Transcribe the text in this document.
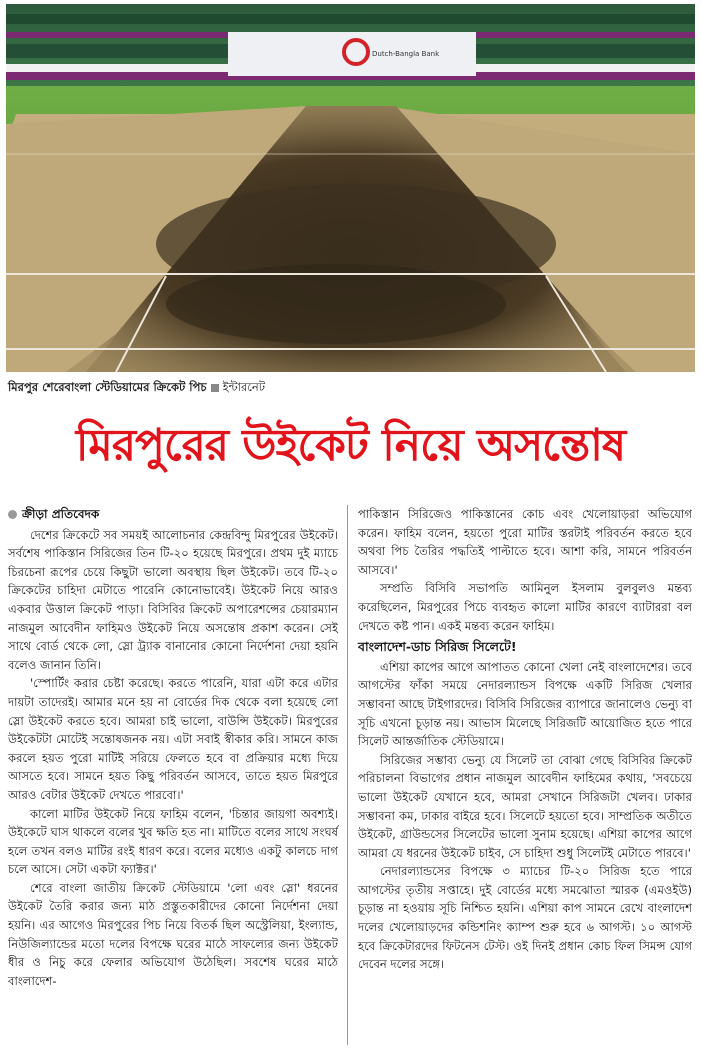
Dutch-Bangla Bank
মিরপুর শেরেবাংলা স্টেডিয়ামের ক্রিকেট পিচ ইন্টারনেট
মিরপুরের উইকেট নিয়ে অসন্তোষ
ক্রীড়া প্রতিবেদক

দেশের ক্রিকেটে সব সময়ই আলোচনার কেন্দ্রবিন্দু মিরপুরের উইকেট। সর্বশেষ পাকিস্তান সিরিজের তিন টি-২০ হয়েছে মিরপুরে। প্রথম দুই ম্যাচে চিরচেনা রূপের চেয়ে কিছুটা ভালো অবস্থায় ছিল উইকেট। তবে টি-২০ ক্রিকেটের চাহিদা মেটাতে পারেনি কোনোভাবেই। উইকেট নিয়ে আরও একবার উত্তাল ক্রিকেট পাড়া। বিসিবির ক্রিকেট অপারেশন্সের চেয়ারম্যান নাজমুল আবেদীন ফাহিমও উইকেট নিয়ে অসন্তোষ প্রকাশ করেন। সেই সাথে বোর্ড থেকে লো, স্লো ট্র্যাক বানানোর কোনো নির্দেশনা দেয়া হয়নি বলেও জানান তিনি।

'স্পোর্টিং করার চেষ্টা করেছে। করতে পারেনি, যারা এটা করে এটার দায়টা তাদেরই। আমার মনে হয় না বোর্ডের দিক থেকে বলা হয়েছে লো স্লো উইকেট করতে হবে। আমরা চাই ভালো, বাউন্সি উইকেট। মিরপুরের উইকেটটা মোটেই সন্তোষজনক নয়। এটা সবাই স্বীকার করি। সামনে কাজ করলে হয়ত পুরো মাটিই সরিয়ে ফেলতে হবে বা প্রক্রিয়ার মধ্যে দিয়ে আসতে হবে। সামনে হয়ত কিছু পরিবর্তন আসবে, তাতে হয়ত মিরপুরে আরও বেটার উইকেট দেখতে পারবো।'

কালো মাটির উইকেট নিয়ে ফাহিম বলেন, 'চিন্তার জায়গা অবশ্যই। উইকেটে ঘাস থাকলে বলের খুব ক্ষতি হত না। মাটিতে বলের সাথে সংঘর্ষ হলে তখন বলও মাটির রংই ধারণ করে। বলের মধ্যেও একটু কালচে দাগ চলে আসে। সেটা একটা ফ্যাক্টর।'

শেরে বাংলা জাতীয় ক্রিকেট স্টেডিয়ামে 'লো এবং স্লো' ধরনের উইকেট তৈরি করার জন্য মাঠ প্রস্তুতকারীদের কোনো নির্দেশনা দেয়া হয়নি। এর আগেও মিরপুরের পিচ নিয়ে বিতর্ক ছিল অস্ট্রেলিয়া, ইংল্যান্ড, নিউজিল্যান্ডের মতো দলের বিপক্ষে ঘরের মাঠে সাফল্যের জন্য উইকেট ধীর ও নিচু করে ফেলার অভিযোগ উঠেছিল। সবশেষ ঘরের মাঠে বাংলাদেশ-

পাকিস্তান সিরিজেও পাকিস্তানের কোচ এবং খেলোয়াড়রা অভিযোগ করেন। ফাহিম বলেন, হয়তো পুরো মাটির স্তরটাই পরিবর্তন করতে হবে অথবা পিচ তৈরির পদ্ধতিই পাল্টাতে হবে। আশা করি, সামনে পরিবর্তন আসবে।'

সম্প্রতি বিসিবি সভাপতি আমিনুল ইসলাম বুলবুলও মন্তব্য করেছিলেন, মিরপুরের পিচে ব্যবহৃত কালো মাটির কারণে ব্যাটাররা বল দেখতে কষ্ট পান। একই মন্তব্য করেন ফাহিম।

বাংলাদেশ-ডাচ সিরিজ সিলেটে!

এশিয়া কাপের আগে আপাতত কোনো খেলা নেই বাংলাদেশের। তবে আগস্টের ফাঁকা সময়ে নেদারল্যান্ডস বিপক্ষে একটি সিরিজ খেলার সম্ভাবনা আছে টাইগারদের। বিসিবি সিরিজের ব্যাপারে জানালেও ভেন্যু বা সূচি এখনো চূড়ান্ত নয়। আভাস মিলেছে সিরিজটি আয়োজিত হতে পারে সিলেট আন্তর্জাতিক স্টেডিয়ামে।

সিরিজের সম্ভাব্য ভেন্যু যে সিলেট তা বোঝা গেছে বিসিবির ক্রিকেট পরিচালনা বিভাগের প্রধান নাজমুল আবেদীন ফাহিমের কথায়, 'সবচেয়ে ভালো উইকেট যেখানে হবে, আমরা সেখানে সিরিজটা খেলব। ঢাকার সম্ভাবনা কম, ঢাকার বাইরে হবে। সিলেটে হয়তো হবে। সাম্প্রতিক অতীতে উইকেট, গ্রাউন্ডসের সিলেটের ভালো সুনাম হয়েছে। এশিয়া কাপের আগে আমরা যে ধরনের উইকেট চাইব, সে চাহিদা শুধু সিলেটই মেটাতে পারবে।'

নেদারল্যান্ডসের বিপক্ষে ৩ ম্যাচের টি-২০ সিরিজ হতে পারে আগস্টের তৃতীয় সপ্তাহে। দুই বোর্ডের মধ্যে সমঝোতা স্মারক (এমওইউ) চূড়ান্ত না হওয়ায় সূচি নিশ্চিত হয়নি। এশিয়া কাপ সামনে রেখে বাংলাদেশ দলের খেলোয়াড়দের কন্ডিশনিং ক্যাম্প শুরু হবে ৬ আগস্ট। ১০ আগস্ট হবে ক্রিকেটারদের ফিটনেস টেস্ট। ওই দিনই প্রধান কোচ ফিল সিমন্স যোগ দেবেন দলের সঙ্গে।
